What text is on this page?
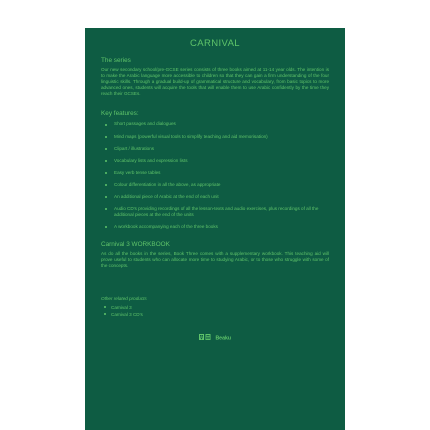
CARNIVAL
The series
Our new secondary school/pre-GCSE series consists of three books aimed at 11-14 year olds. The intention is to make the Arabic language more accessible to children so that they can gain a firm understanding of the four linguistic skills. Through a gradual build-up of grammatical structure and vocabulary, from basic topics to more advanced ones, students will acquire the tools that will enable them to use Arabic confidently by the time they reach their GCSEs.
Key features:
Short passages and dialogues
Mind maps (powerful visual tools to simplify teaching and aid memorisation)
Clipart / illustrations
Vocabulary lists and expression lists
Easy verb tense tables
Colour differentiation in all the above, as appropriate
An additional piece of Arabic at the end of each unit
Audio CD's providing recordings of all the lesson-texts and audio exercises, plus recordings of all the additional pieces at the end of the units
A workbook accompanying each of the three books
Carnival 3 WORKBOOK
As do all the books in the series, Book Three comes with a supplementary workbook. This teaching aid will prove useful to students who can allocate more time to studying Arabic, or to those who struggle with some of the concepts.
Other related products
Carnival 3
Carnival 3 CD's
Beaku
